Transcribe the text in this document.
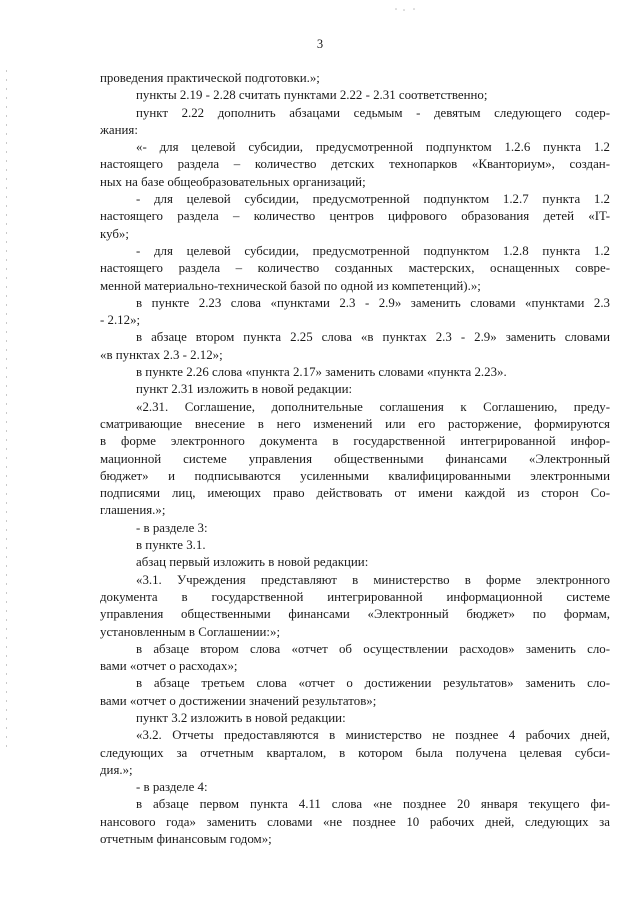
3
проведения практической подготовки.»;
пункты 2.19 - 2.28 считать пунктами 2.22 - 2.31 соответственно;
пункт 2.22 дополнить абзацами седьмым - девятым следующего содер-
жания:
«- для целевой субсидии, предусмотренной подпунктом 1.2.6 пункта 1.2
настоящего раздела – количество детских технопарков «Кванториум», создан-
ных на базе общеобразовательных организаций;
- для целевой субсидии, предусмотренной подпунктом 1.2.7 пункта 1.2
настоящего раздела – количество центров цифрового образования детей «IT-
куб»;
- для целевой субсидии, предусмотренной подпунктом 1.2.8 пункта 1.2
настоящего раздела – количество созданных мастерских, оснащенных совре-
менной материально-технической базой по одной из компетенций).»;
в пункте 2.23 слова «пунктами 2.3 - 2.9» заменить словами «пунктами 2.3
- 2.12»;
в абзаце втором пункта 2.25 слова «в пунктах 2.3 - 2.9» заменить словами
«в пунктах 2.3 - 2.12»;
в пункте 2.26 слова «пункта 2.17» заменить словами «пункта 2.23».
пункт 2.31 изложить в новой редакции:
«2.31. Соглашение, дополнительные соглашения к Соглашению, преду-
сматривающие внесение в него изменений или его расторжение, формируются
в форме электронного документа в государственной интегрированной инфор-
мационной системе управления общественными финансами «Электронный
бюджет» и подписываются усиленными квалифицированными электронными
подписями лиц, имеющих право действовать от имени каждой из сторон Со-
глашения.»;
- в разделе 3:
в пункте 3.1.
абзац первый изложить в новой редакции:
«3.1. Учреждения представляют в министерство в форме электронного
документа в государственной интегрированной информационной системе
управления общественными финансами «Электронный бюджет» по формам,
установленным в Соглашении:»;
в абзаце втором слова «отчет об осуществлении расходов» заменить сло-
вами «отчет о расходах»;
в абзаце третьем слова «отчет о достижении результатов» заменить сло-
вами «отчет о достижении значений результатов»;
пункт 3.2 изложить в новой редакции:
«3.2. Отчеты предоставляются в министерство не позднее 4 рабочих дней,
следующих за отчетным кварталом, в котором была получена целевая субси-
дия.»;
- в разделе 4:
в абзаце первом пункта 4.11 слова «не позднее 20 января текущего фи-
нансового года» заменить словами «не позднее 10 рабочих дней, следующих за
отчетным финансовым годом»;
